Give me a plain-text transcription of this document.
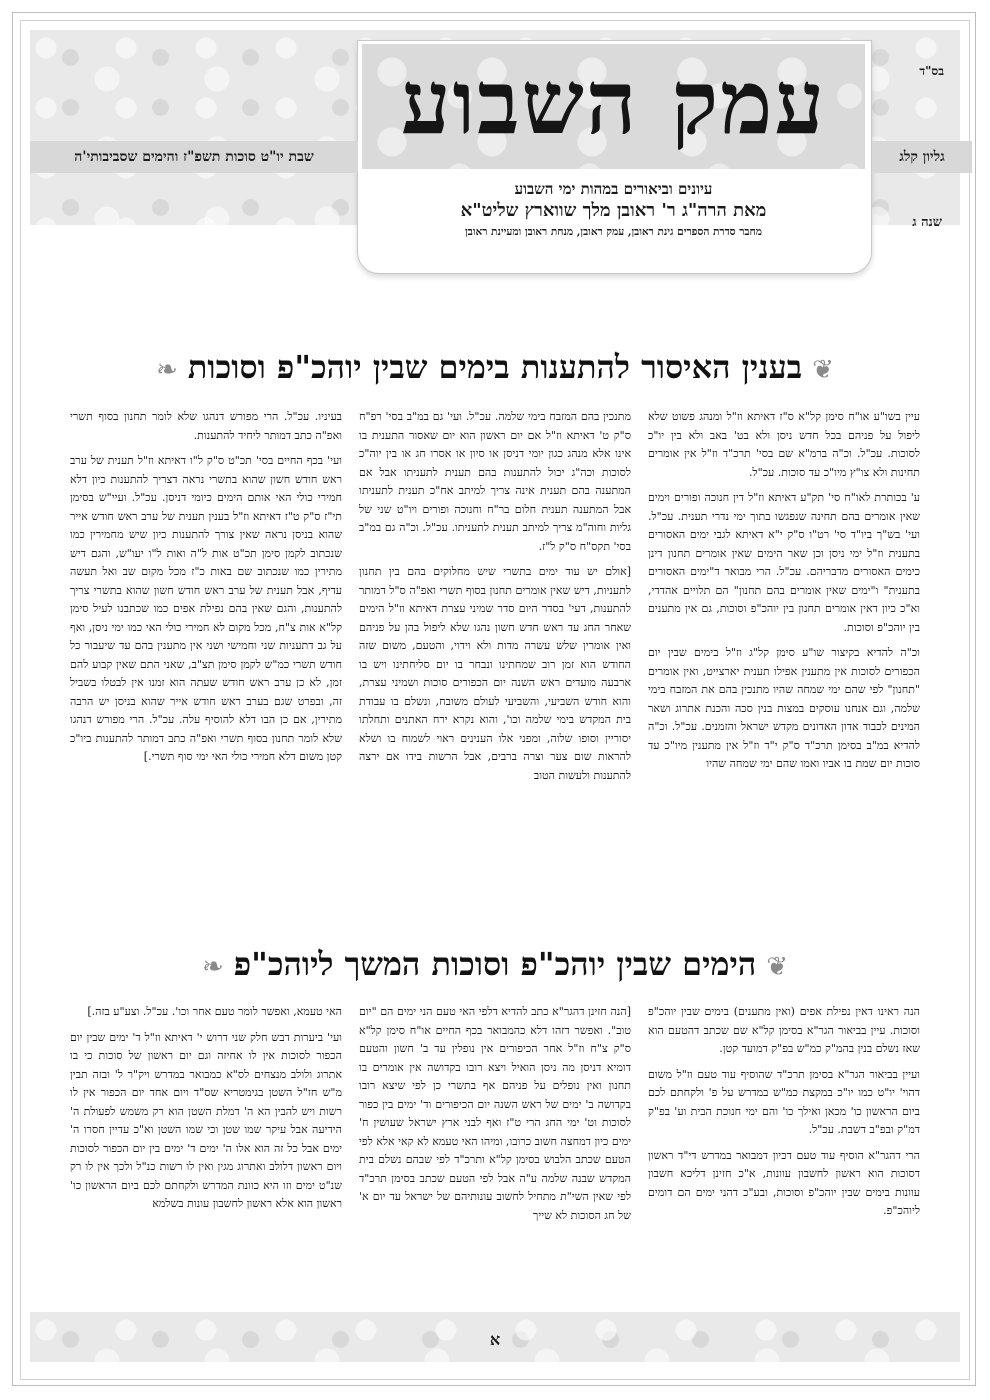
עמק השבוע
עיונים וביאורים במהות ימי השבוע
מאת הרה"ג ר' ראובן מלך שווארץ שליט"א
מחבר סדרת הספרים גינת ראובן, עמק ראובן, מנחת ראובן ומעיינת ראובן
בס"ד
גליון קלג
שבת יו"ט סוכות תשפ"ז והימים שסביבותי'ה
שנה ג
❦בענין האיסור להתענות בימים שבין יוהכ"פ וסוכות❧

עיין בשו"ע או"ח סימן קל"א ס"ז דאיתא וז"ל ומנהג פשוט שלא ליפול על פניהם בכל חדש ניסן ולא בט' באב ולא בין יו"כ לסוכות. עכ"ל. וכ"ה ברמ"א שם בסי' תרכ"ד וז"ל אין אומרים תחינות ולא צו"ץ מיו"כ עד סוכות. עכ"ל.

ע' בכותרת לאו"ח סי' תק"ע דאיתא וז"ל דין חנוכה ופורים וימים שאין אומרים בהם תחינה שנפגשו בתוך ימי נדרי תענית. עכ"ל. ועי' בש"ך ביו"ד סי' רט"ו ס"ק י"א דאיתא לגבי ימים האסורים בתענית וז"ל ימי ניסן וכן שאר הימים שאין אומרים תחנון דינן כימים האסורים מדבריהם. עכ"ל. הרי מבואר ד"ימים האסורים בתענית" ו"ימים שאין אומרים בהם תחנון" הם תלויים אהדדי, וא"כ כיון דאין אומרים תחנון בין יוהכ"פ וסוכות, גם אין מתענים בין יוהכ"פ וסוכות.

וכ"ה להדיא בקיצור שו"ע סימן קל"ג וז"ל בימים שבין יום הכפורים לסוכות אין מתענין אפילו תענית יארצייט, ואין אומרים "תחנון" לפי שהם ימי שמחה שהיו מתנכין בהם את המזבח בימי שלמה, וגם אנחנו עוסקים במצות בנין סכה והכנת אתרוג ושאר המינים לכבוד אדון האדונים מקדש ישראל והזמנים. עכ"ל. וכ"ה להדיא במ"ב בסימן תרכ"ד ס"ק י"ד וז"ל אין מתענין מיו"כ עד סוכות יום שמת בו אביו ואמו שהם ימי שמחה שהיו

מתנכין בהם המזבח בימי שלמה. עכ"ל. ועי' גם במ"ב בסי' רפ"ח ס"ק ט' דאיתא וז"ל אם יום ראשון הוא יום שאסור התענית בו אינו אלא מנהג כגון יומי דניסן או סיון או אסרו חג או בין יוה"כ לסוכות וכה"ג יכול להתענות בהם תענית לתעניתו אבל אם המתענה בהם תענית אינה צריך למיתב אח"כ תענית לתעניתו אבל המתענה תענית חלום בר"ח וחנוכה ופורים ויו"ט שני של גליות וחוה"מ צריך למיתב תענית לתעניתו. עכ"ל. וכ"ה גם במ"ב בסי' תקס"ח ס"ק ל"ז.

[אולם יש עוד ימים בתשרי שיש מחלוקים בהם בין תחנון לתעניות, דיש שאין אומרים תחנון בסוף תשרי ואפ"ה ס"ל דמותר להתענות, דעי' בסדר היום סדר שמיני עצרת דאיתא וז"ל הימים שאחר החג עד ראש חדש חשון נהגו שלא ליפול בהן על פניהם ואין אומרין שלש עשרה מדות ולא וידוי, והטעם, משום שזה החודש הוא זמן רוב שמחתינו ונבחר בו יום סליחתינו ויש בו ארבעה מועדים ראש השנה יום הכפורים סוכות ושמיני עצרת, והוא חודש השביעי, והשביעי לעולם משובח, ונשלם בו עבודת בית המקדש בימי שלמה וכו', והוא נקרא ירח האתנים ותחלתו יסוריין וסופו שלוה, ומפני אלו הענינים ראוי לשמוח בו ושלא להראות שום צער וצרה ברבים, אבל הרשות בידו אם ירצה להתענות ולעשות הטוב

בעיניו. עכ"ל. הרי מפורש דנהגו שלא לומר תחנון בסוף תשרי ואפ"ה כתב דמותר ליחיד להתענות.

ועי' בכף החיים בסי' תכ"ט ס"ק ל"ו דאיתא וז"ל תענית של ערב ראש חודש חשון שהוא בתשרי נראה דצריך להתענות כיון דלא חמירי כולי האי אותם הימים כיומי דניסן. עכ"ל. ועיי"ש בסימן תי"ז ס"ק ט"ז דאיתא וז"ל בענין תענית של ערב ראש חודש אייר שהוא בניסן נראה שאין צורך להתענות כיון שיש מחמירין כמו שנכתוב לקמן סימן תכ"ט אות ל"ה ואות ל"ו יעו"ש, והגם דיש מתירין כמו שנכתוב שם באות כ"ז מכל מקום שב ואל תעשה עדיף, אבל תענית של ערב ראש חודש חשון שהוא בתשרי צריך להתענות, והגם שאין בהם נפילת אפים כמו שכתבנו לעיל סימן קל"א אות צ"ח, מכל מקום לא חמירי כולי האי כמו ימי ניסן, ואף על גב דתעניות שני וחמישי ושני אין מתענין בהם עד שיעבור כל חודש תשרי כמ"ש לקמן סימן תצ"ב, שאני התם שאין קבוע להם זמן, לא כן ערב ראש חודש שעתה הוא זמנו אין לבטלו בשביל זה, ובפרט שגם בערב ראש חודש אייר שהוא בניסן יש הרבה מתירין, אם כן הבו דלא להוסיף עלה. עכ"ל. הרי מפורש דנהגו שלא לומר תחנון בסוף תשרי ואפ"ה כתב דמותר להתענות ביו"כ קטן משום דלא חמירי כולי האי ימי סוף תשרי.]

❦הימים שבין יוהכ"פ וסוכות המשך ליוהכ"פ❧

הנה ראינו דאין נפילת אפים (ואין מתענים) בימים שבין יוהכ"פ וסוכות. עיין בביאור הגר"א בסימן קל"א שם שכתב דהטעם הוא שאז נשלם בנין בהמ"ק כמ"ש בפ"ק דמועד קטן.

ועיין בביאור הגר"א בסימן תרכ"ד שהוסיף עוד טעם וז"ל משום דהוי' יו"ט כמו יו"כ במקצת כמ"ש במדרש על פ' ולקחתם לכם ביום הראשון כו' מכאן ואילך כו' והם ימי חנוכת הבית וע' בפ"ק דמ"ק ובפ"ב דשבת. עכ"ל.

הרי דהגר"א הוסיף עוד טעם דכיון דמבואר במדרש די"ד ראשון דסוכות הוא ראשון לחשבון עוונות, א"כ חזינן דליכא חשבון עוונות בימים שבין יוהכ"פ וסוכות, ובע"כ דהני ימים הם דומים ליוהכ"פ.

[הנה חזינן דהגר"א כתב להדיא דלפי האי טעם הני ימים הם "יום טוב". ואפשר דזהו דלא כהמבואר בכף החיים או"ח סימן קל"א ס"ק צ"ח וז"ל אחר הכיפורים אין נופלין עד ב' חשון והטעם דומיא דניסן מה ניסן הואיל ויצא רובו בקדושה אין אומרים בו תחנון ואין נופלים על פניהם אף בתשרי כן לפי שיצא רובו בקדושה ב' ימים של ראש השנה יום הכיפורים וד' ימים בין כפור לסוכות וט' ימי החג הרי ט"ז ואף לבני ארץ ישראל שעושין ח' ימים כיון דמחצה חשוב כרובו, ומיהו האי טעמא לא קאי אלא לפי הטעם שכתב הלבוש בסימן קל"א ותרכ"ד לפי שבהם נשלם בית המקדש שבנה שלמה ע"ה אבל לפי הטעם שכתב בסימן תרכ"ד לפי שאין השי"ת מתחיל לחשוב עונותיהם של ישראל עד יום א' של חג הסוכות לא שייך

האי טעמא, ואפשר לומר טעם אחר וכו'. עכ"ל. וצע"ע בזה.]

ועי' ביערות דבש חלק שני דרוש י' דאיתא וז"ל ד' ימים שבין יום הכפור לסוכות אין לו אחיזה וגם יום ראשון של סוכות כי בו אתרוג ולולב מנצחים לס"א כמבואר במדרש ויק"ר ל' ובזה תבין מ"ש חז"ל השטן בגימטריא שס"ד ויום אחד יום הכפור אין לו רשות ויש להבין הא ה' דמלת השטן הוא רק משמש לפעולת ה' הידיעה אבל עיקר שמו שטן וכי שמו השטן וא"כ עדיין חסרו ה' ימים אבל כל זה הוא אלו ה' ימים ד' ימים בין יום הכפור לסוכות ויום ראשון דלולב ואתרוג מגין ואין לו רשות כנ"ל ולכך אין לו רק שנ"ט ימים וזו היא כוונת המדרש ולקחתם לכם ביום הראשון כו' ראשון הוא אלא ראשון לחשבון עונות בשלמא

א
